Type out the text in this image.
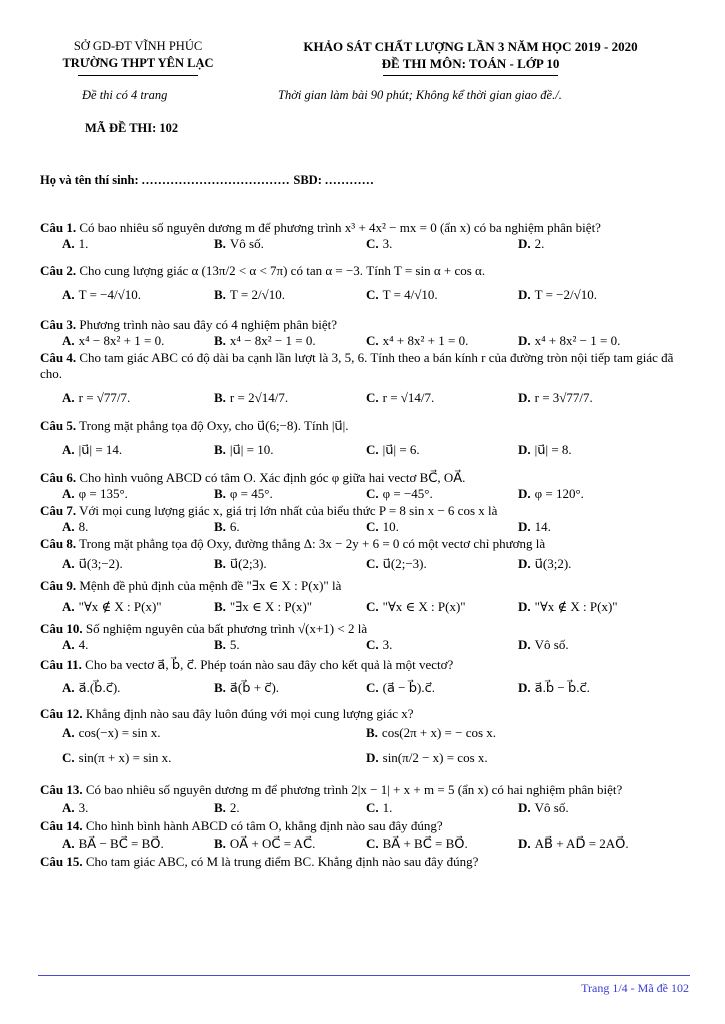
SỞ GD-ĐT VĨNH PHÚC
TRƯỜNG THPT YÊN LẠC
KHẢO SÁT CHẤT LƯỢNG LẦN 3 NĂM HỌC 2019 - 2020
ĐỀ THI MÔN: TOÁN - LỚP 10
Đề thi có 4 trang	Thời gian làm bài 90 phút; Không kể thời gian giao đề./.
MÃ ĐỀ THI: 102
Họ và tên thí sinh: .................................... SBD: ............
Câu 1. Có bao nhiêu số nguyên dương m để phương trình x³ + 4x² − mx = 0 (ẩn x) có ba nghiệm phân biệt?
A. 1.	B. Vô số.	C. 3.	D. 2.
Câu 2. Cho cung lượng giác α (13π/2 < α < 7π) có tan α = −3. Tính T = sin α + cos α.
A. T = −4/√10.	B. T = 2/√10.	C. T = 4/√10.	D. T = −2/√10.
Câu 3. Phương trình nào sau đây có 4 nghiệm phân biệt?
A. x⁴ − 8x² + 1 = 0.	B. x⁴ − 8x² − 1 = 0.	C. x⁴ + 8x² + 1 = 0.	D. x⁴ + 8x² − 1 = 0.
Câu 4. Cho tam giác ABC có độ dài ba cạnh lần lượt là 3, 5, 6. Tính theo a bán kính r của đường tròn nội tiếp tam giác đã cho.
A. r = √77/7.	B. r = 2√14/7.	C. r = √14/7.	D. r = 3√77/7.
Câu 5. Trong mặt phẳng tọa độ Oxy, cho u⃗(6;−8). Tính |u⃗|.
A. |u⃗| = 14.	B. |u⃗| = 10.	C. |u⃗| = 6.	D. |u⃗| = 8.
Câu 6. Cho hình vuông ABCD có tâm O. Xác định góc φ giữa hai vectơ BC⃗, OA⃗.
A. φ = 135°.	B. φ = 45°.	C. φ = −45°.	D. φ = 120°.
Câu 7. Với mọi cung lượng giác x, giá trị lớn nhất của biểu thức P = 8 sin x − 6 cos x là
A. 8.	B. 6.	C. 10.	D. 14.
Câu 8. Trong mặt phẳng tọa độ Oxy, đường thẳng Δ: 3x − 2y + 6 = 0 có một vectơ chỉ phương là
A. u⃗(3;−2).	B. u⃗(2;3).	C. u⃗(2;−3).	D. u⃗(3;2).
Câu 9. Mệnh đề phủ định của mệnh đề "∃x ∈ X : P(x)" là
A. "∀x ∉ X : P(x)"	B. "∃x ∈ X : P(x)"	C. "∀x ∈ X : P(x)"	D. "∀x ∉ X : P(x)"
Câu 10. Số nghiệm nguyên của bất phương trình √(x+1) < 2 là
A. 4.	B. 5.	C. 3.	D. Vô số.
Câu 11. Cho ba vectơ a⃗, b⃗, c⃗. Phép toán nào sau đây cho kết quả là một vectơ?
A. a⃗.(b⃗.c⃗).	B. a⃗(b⃗ + c⃗).	C. (a⃗ − b⃗).c⃗.	D. a⃗.b⃗ − b⃗.c⃗.
Câu 12. Khẳng định nào sau đây luôn đúng với mọi cung lượng giác x?
A. cos(−x) = sin x.	B. cos(2π + x) = − cos x.
C. sin(π + x) = sin x.	D. sin(π/2 − x) = cos x.
Câu 13. Có bao nhiêu số nguyên dương m để phương trình 2|x − 1| + x + m = 5 (ẩn x) có hai nghiệm phân biệt?
A. 3.	B. 2.	C. 1.	D. Vô số.
Câu 14. Cho hình bình hành ABCD có tâm O, khẳng định nào sau đây đúng?
A. BA⃗ − BC⃗ = BO⃗.	B. OA⃗ + OC⃗ = AC⃗.	C. BA⃗ + BC⃗ = BO⃗.	D. AB⃗ + AD⃗ = 2AO⃗.
Câu 15. Cho tam giác ABC, có M là trung điểm BC. Khẳng định nào sau đây đúng?
Trang 1/4 - Mã đề 102
